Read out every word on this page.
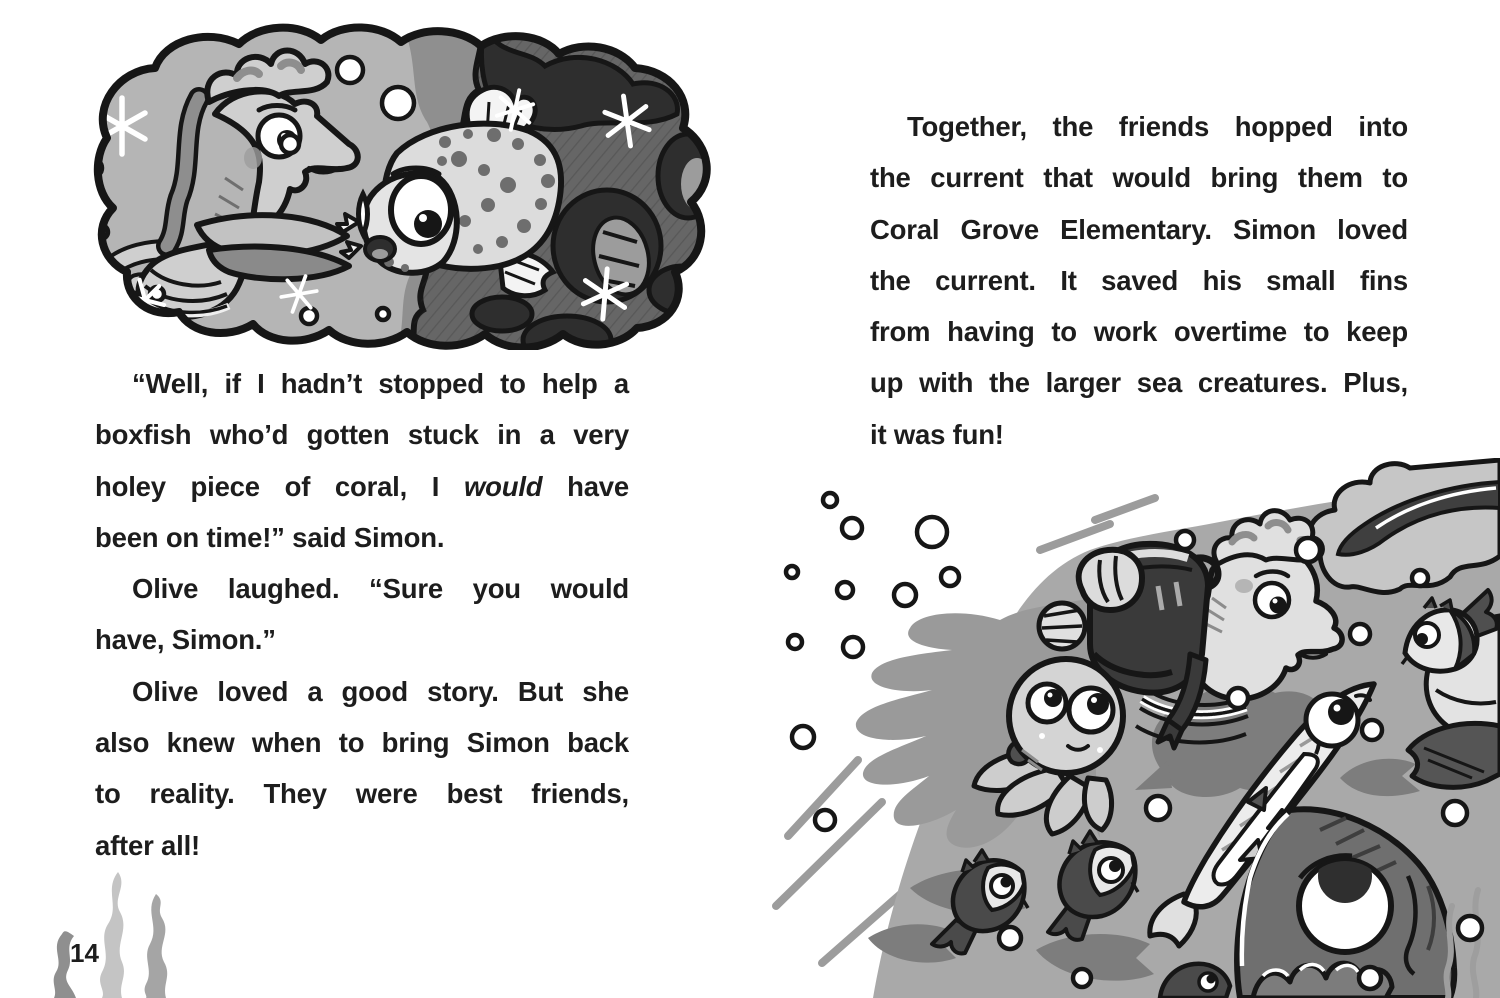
“Well, if I hadn’t stopped to help a
boxfish who’d gotten stuck in a very
holey piece of coral, I would have
been on time!” said Simon.
Olive laughed. “Sure you would
have, Simon.”
Olive loved a good story. But she
also knew when to bring Simon back
to reality. They were best friends,
after all!
Together, the friends hopped into
the current that would bring them to
Coral Grove Elementary. Simon loved
the current. It saved his small fins
from having to work overtime to keep
up with the larger sea creatures. Plus,
it was fun!
14
